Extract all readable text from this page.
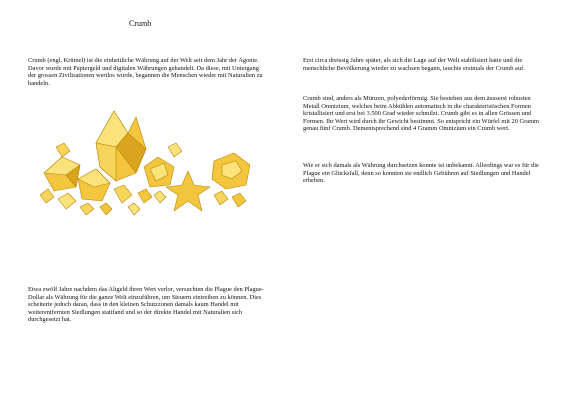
Crumb

Crumb (engl. Krümel) ist die einheitliche Währung auf der Welt seit dem Jahr der Agonie. Davor wurde mit Papiergeld und digitalen Währungen gehandelt. Da diese, mit Untergang der grossen Zivilisationen wertlos wurde, begannen die Menschen wieder mit Naturalien zu handeln.

Etwa zwölf Jahre nachdem das Altgeld ihren Wert verlor, versuchten die Plague den Plague-Dollar als Währung für die ganze Welt einzuführen, um Steuern eintreiben zu können. Dies scheiterte jedoch daran, dass in den kleinen Schutzzonen damals kaum Handel mit weiterentfernten Siedlungen stattfand und so der direkte Handel mit Naturalien sich durchgesetzt hat.

Erst circa dreissig Jahre später, als sich die Lage auf der Welt stabilisiert hatte und die menschliche Bevölkerung wieder zu wachsen begann, tauchte erstmals der Crumb auf.

Crumb sind, anders als Münzen, polyederförmig. Sie bestehen aus dem äusserst robusten Metall Omnizium, welches beim Abkühlen automatisch in die charakteristischen Formen kristallisiert und erst bei 3.500 Grad wieder schmilzt. Crumb gibt es in allen Grössen und Formen. Ihr Wert wird durch ihr Gewicht bestimmt. So entspricht ein Würfel mit 20 Gramm genau fünf Crumb. Dementsprechend sind 4 Gramm Omnizium ein Crumb wert.

Wie er sich damals als Währung durchsetzen konnte ist unbekannt. Allerdings war es für die Plague ein Glücksfall, denn so konnten sie endlich Gebühren auf Siedlungen und Handel erheben.
